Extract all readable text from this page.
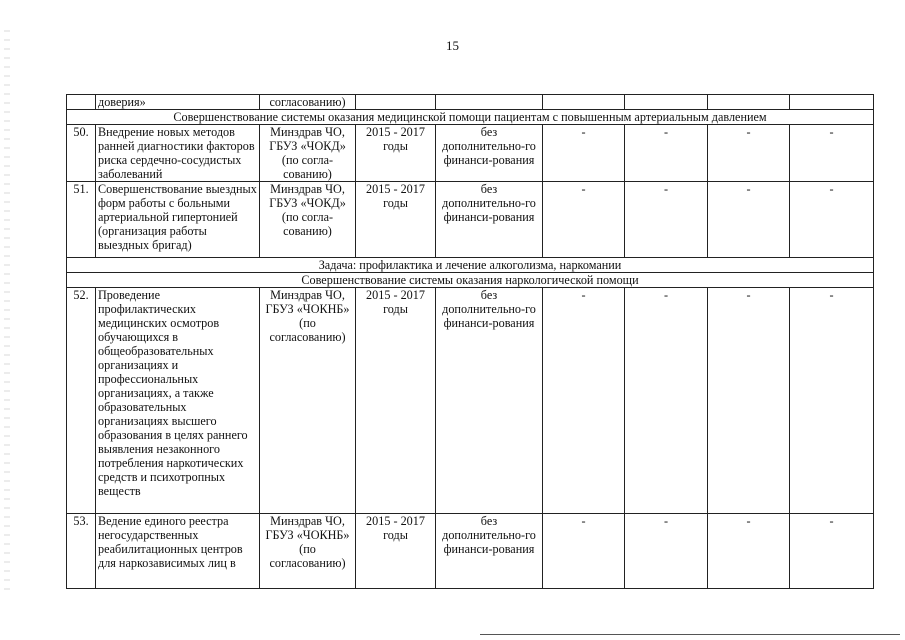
15
	доверия»	согласованию)						
Совершенствование системы оказания медицинской помощи пациентам с повышенным артериальным давлением								
50.	Внедрение новых методов ранней диагностики факторов риска сердечно-сосудистых заболеваний	Минздрав ЧО, ГБУЗ «ЧОКД» (по согла-сованию)	2015 - 2017 годы	без дополнительно-го финанси-рования	-	-	-	-
51.	Совершенствование выездных форм работы с больными артериальной гипертонией (организация работы выездных бригад)	Минздрав ЧО, ГБУЗ «ЧОКД» (по согла-сованию)	2015 - 2017 годы	без дополнительно-го финанси-рования	-	-	-	-
Задача: профилактика и лечение алкоголизма, наркомании								
Совершенствование системы оказания наркологической помощи								
52.	Проведение профилактических медицинских осмотров обучающихся в общеобразовательных организациях и профессиональных организациях, а также образовательных организациях высшего образования в целях раннего выявления незаконного потребления наркотических средств и психотропных веществ	Минздрав ЧО, ГБУЗ «ЧОКНБ» (по согласованию)	2015 - 2017 годы	без дополнительно-го финанси-рования	-	-	-	-
53.	Ведение единого реестра негосударственных реабилитационных центров для наркозависимых лиц в	Минздрав ЧО, ГБУЗ «ЧОКНБ» (по согласованию)	2015 - 2017 годы	без дополнительно-го финанси-рования	-	-	-	-
